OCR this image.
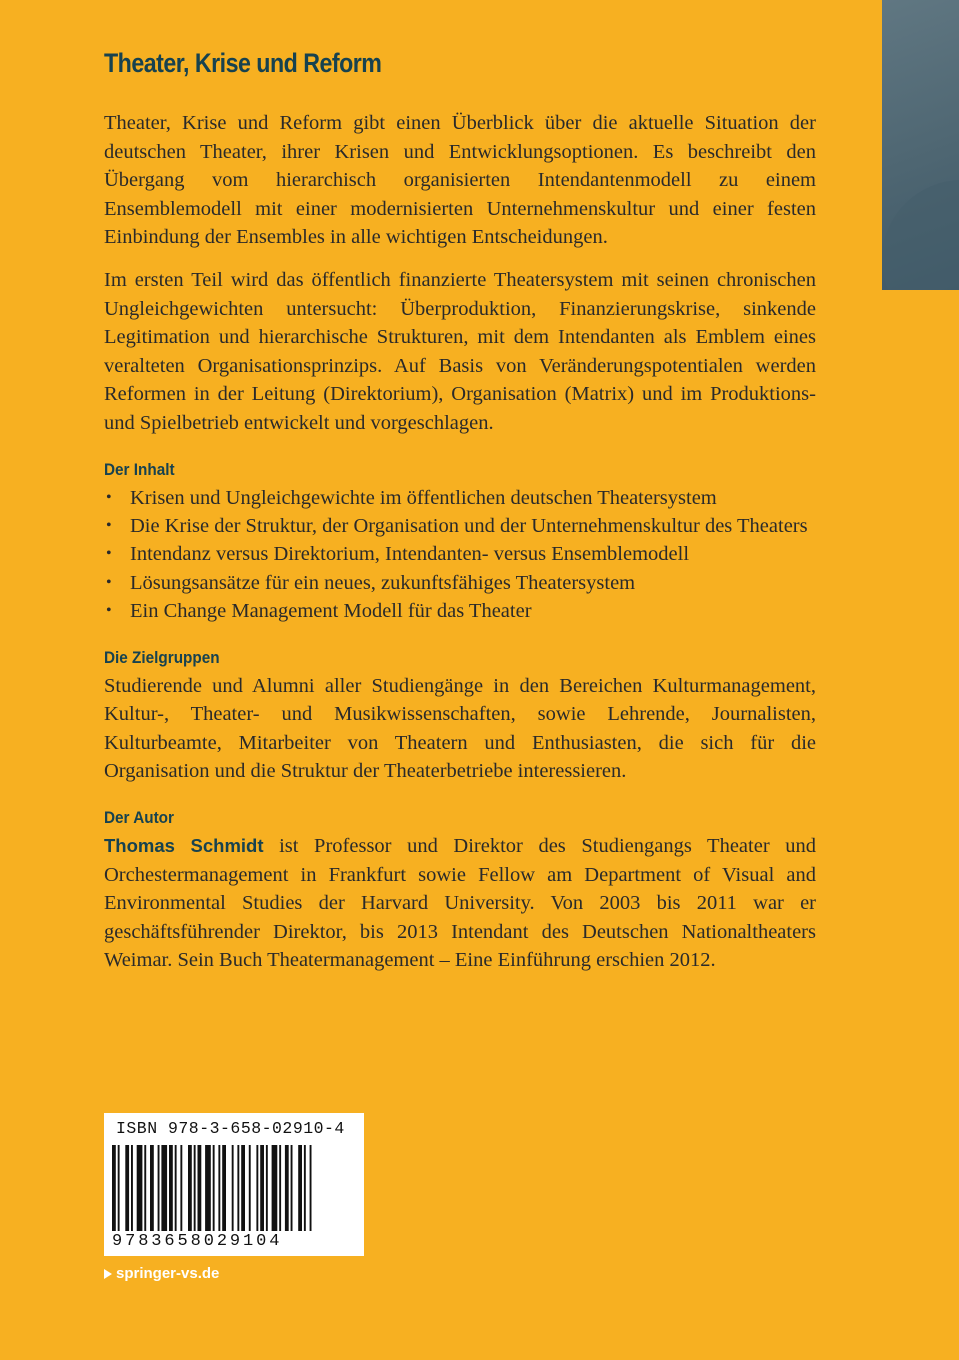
Theater, Krise und Reform

Theater, Krise und Reform gibt einen Überblick über die aktuelle Situation der deutschen Theater, ihrer Krisen und Entwicklungsoptionen. Es beschreibt den Übergang vom hierarchisch organisierten Intendantenmodell zu einem Ensemblemodell mit einer modernisierten Unternehmenskultur und einer festen Einbindung der Ensembles in alle wichtigen Entscheidungen.

Im ersten Teil wird das öffentlich finanzierte Theatersystem mit seinen chronischen Ungleichgewichten untersucht: Überproduktion, Finanzierungskrise, sinkende Legitimation und hierarchische Strukturen, mit dem Intendanten als Emblem eines veralteten Organisationsprinzips. Auf Basis von Veränderungspotentialen werden Reformen in der Leitung (Direktorium), Organisation (Matrix) und im Produktions- und Spielbetrieb entwickelt und vorgeschlagen.

Der Inhalt
• Krisen und Ungleichgewichte im öffentlichen deutschen Theatersystem
• Die Krise der Struktur, der Organisation und der Unternehmenskultur des Theaters
• Intendanz versus Direktorium, Intendanten- versus Ensemblemodell
• Lösungsansätze für ein neues, zukunftsfähiges Theatersystem
• Ein Change Management Modell für das Theater
Die Zielgruppen

Studierende und Alumni aller Studiengänge in den Bereichen Kulturmanagement, Kultur-, Theater- und Musikwissenschaften, sowie Lehrende, Journalisten, Kulturbeamte, Mitarbeiter von Theatern und Enthusiasten, die sich für die Organisation und die Struktur der Theaterbetriebe interessieren.

Der Autor

Thomas Schmidt ist Professor und Direktor des Studiengangs Theater und Orchestermanagement in Frankfurt sowie Fellow am Department of Visual and Environmental Studies der Harvard University. Von 2003 bis 2011 war er geschäftsführender Direktor, bis 2013 Intendant des Deutschen Nationaltheaters Weimar. Sein Buch Theatermanagement – Eine Einführung erschien 2012.

ISBN 978-3-658-02910-4
9783658029104
springer-vs.de
